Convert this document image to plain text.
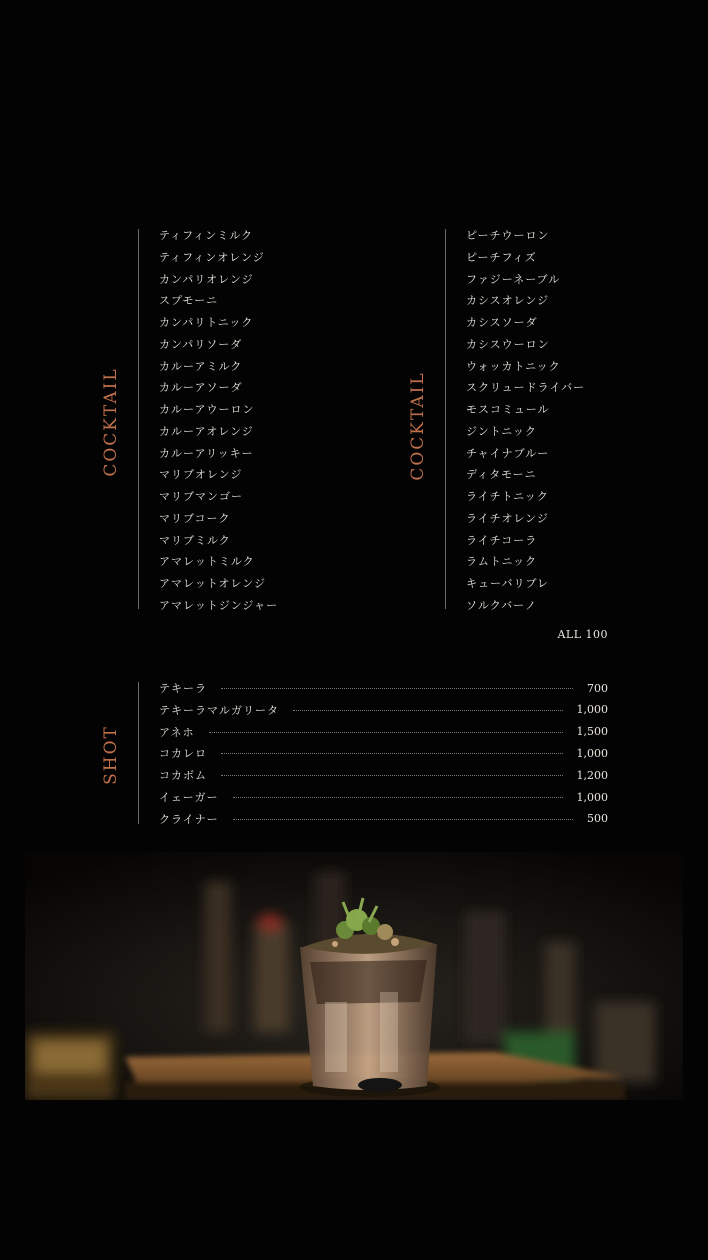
COCKTAIL
ティフィンミルク
ティフィンオレンジ
カンパリオレンジ
スプモーニ
カンパリトニック
カンパリソーダ
カルーアミルク
カルーアソーダ
カルーアウーロン
カルーアオレンジ
カルーアリッキー
マリブオレンジ
マリブマンゴー
マリブコーク
マリブミルク
アマレットミルク
アマレットオレンジ
アマレットジンジャー
COCKTAIL
ピーチウーロン
ピーチフィズ
ファジーネーブル
カシスオレンジ
カシスソーダ
カシスウーロン
ウォッカトニック
スクリュードライバー
モスコミュール
ジントニック
チャイナブルー
ディタモーニ
ライチトニック
ライチオレンジ
ライチコーラ
ラムトニック
キューバリブレ
ソルクバーノ
ALL 100
SHOT
テキーラ	700
テキーラマルガリータ	1,000
アネホ	1,500
コカレロ	1,000
コカボム	1,200
イェーガー	1,000
クライナー	500
